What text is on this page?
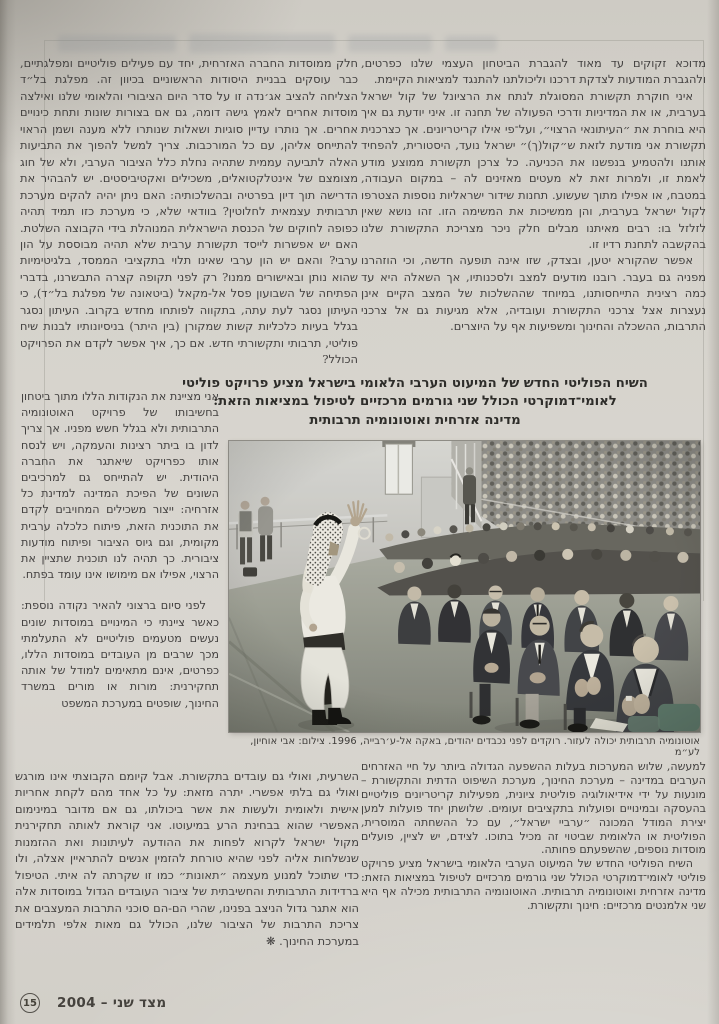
מדוכא זקוקים עד מאוד להגברת הביטחון העצמי שלנו כפרטים, ולהגברת המודעות לצדקת דרכנו וליכולתנו להתנגד למציאות הקיימת.

איני חוקרת תקשורת המסוגלת לנתח את הרציונל של קול ישראל בערבית, או את המדיניות ודרכי הפעולה של תחנה זו. איני יודעת גם איך היא בוחרת את ״העיתונאי הרצוי״, ועל־פי אילו קריטריונים. אך כצרכנית תקשורת אני מודעת לזאת ש״קול(ך)״ ישראל נועד, היסטורית, להפחיד אותנו ולהטמיע בנפשנו את הכניעה. כל צרכן תקשורת ממוצע מודע לאמת זו, ולמרות זאת לא מעטים מאזינים לה – במקום העבודה, במטבח, או אפילו מתוך שעשוע. תחנות שידור ישראליות נוספות הצטרפו לקול ישראל בערבית, והן ממשיכות את המשימה הזו. זהו נושא שאין לזלזל בו: רבים מאיתנו מבלים חלק ניכר מצריכת התקשורת שלנו בהקשבה לתחנת רדיו זו.

אפשר שהקורא יטען, ובצדק, שזו אינה תופעה חדשה, וכי הוזהרנו מפניה גם בעבר. רובנו מודעים למצב ולסכנותיו, אך השאלה היא עד כמה רצינית התייחסותנו, במיוחד שההשלכות של המצב הקיים אינן נעצרות אצל צרכני התקשורת ועובדיה, אלא מגיעות גם אל צרכני התרבות, ההשכלה והחינוך ומשפיעות אף על היוצרים.

חלק ממוסדות החברה האזרחית, יחד עם פעילים פוליטיים ומפלגתיים, כבר עוסקים בבניית היסודות הראשוניים בכיוון זה. מפלגת בל״ד הצליחה להציב אג׳נדה זו על סדר היום הציבורי והלאומי שלנו ואילצה מוסדות אחרים לאמץ גישה דומה, גם אם בצורות שונות ותחת כינויים אחרים. אך נותרו עדיין סוגיות ושאלות שנותרו ללא מענה ושמן הראוי להתייחס אליהן, עם כל המורכבות. צריך למשל להפוך את התביעות האלה לתביעה עממית שתהיה נחלת כלל הציבור הערבי, ולא של חוג מצומצם של אינטלקטואלים, משכילים ואקטיביסטים. יש להבהיר את הדרישה תוך דיון בפרטיה ובהשלכותיה: האם ניתן יהיה להקים מערכת תרבותית עצמאית לחלוטין? בוודאי שלא, כי מערכת כזו תמיד תהיה כפופה לחוקים של הכנסת הישראלית המנוהלת בידי הקבוצה השלטת. האם יש אפשרות לייסד תקשורת ערבית שלא תהיה מבוססת על הון ערבי? והאם יש הון ערבי שאינו תלוי בתקציבי הממסד, בלגיטימיות שהוא נותן ובאישורים ממנו? רק לפני תקופה קצרה התבשרנו, בדברי הפתיחה של השבועון פסל אל-מקאל (ביטאונה של מפלגת בל״ד), כי העיתון נסגר לעת עתה, בתקווה לפותחו מחדש בקרוב. העיתון נסגר בגלל בעיות כלכליות קשות שמקורן (בין היתר) בניסיונותיו לבנות שיח פוליטי, תרבותי ותקשורתי חדש. אם כך, איך אפשר לקדם את הפרויקט הכולל?

השיח הפוליטי החדש של המיעוט הערבי הלאומי בישראל מציע פרויקט פוליטי
לאומי־דמוקרטי הכולל שני גורמים מרכזיים לטיפול במציאות הזאת:
מדינה אזרחית ואוטונומיה תרבותית

אני מציינת את הנקודות הללו מתוך ביטחון בחשיבותו של פרויקט האוטונומיה התרבותית ולא בגלל חשש מפניו. אך צריך לדון בו ביתר רצינות והעמקה, ויש לנסח אותו כפרויקט שיאתגר את החברה היהודית. יש להתייחס גם למרכיבים השונים של הפיכת המדינה למדינת כל אזרחיה: ייצור משכילים המחויבים לקדם את התוכנית הזאת, פיתוח כלכלה ערבית מקומית, וגם גיוס הציבור ופיתוח מודעות ציבורית. כך תהיה לנו תוכנית שתציין את הרצוי, אפילו אם מימושו אינו עומד בפתח.

לפני סיום ברצוני להאיר נקודה נוספת: כאשר ציינתי כי המינויים במוסדות שונים נעשים מטעמים פוליטיים לא התעלמתי מכך שרבים מן העובדים במוסדות הללו, כפרטים, אינם מתאימים למודל של אותה תחקירנית: מורות או מורים במשרד החינוך, שופטים במערכת המשפט

אוטונומיה תרבותית יכולה לעזור. רוקדים לפני נכבדים יהודים, באקה אל-ע׳רבייה, 1996. צילום: אבי אוחיון, לע״מ

השרעית, ואולי גם עובדים בתקשורת. אבל קיומם הקבוצתי אינו מורגש ואולי גם בלתי אפשרי. יתרה מזאת: על כל אחד מהם לקחת אחריות אישית ולאומית ולעשות את אשר ביכולתו, גם אם מדובר במינימום האפשרי שהוא בבחינת הרע במיעוטו. אני קוראת לאותה תחקירנית מקול ישראל לקרוא לפחות את ההודעה לעיתונות ואת ההזמנות שנשלחות אליה לפני שהיא טורחת להזמין אנשים להתראיין אצלה, ולו כדי שתוכל למנוע מעצמה ״תאונות״ כמו זו שקרתה לה איתי. הטיפול ברדידות התרבותית והחשיבתית של ציבור העובדים הגדול במוסדות אלה הוא אתגר גדול הניצב בפנינו, שהרי הם-הם סוכני התרבות המעצבים את צריכת התרבות של הציבור שלנו, הכולל גם מאות אלפי תלמידים במערכת החינוך. ❋

למעשה, שלוש המערכות בעלות ההשפעה הגדולה ביותר על חיי האזרחים הערבים במדינה – מערכת החינוך, מערכת השיפוט הדתית והתקשורת – מונעות על ידי אידיאולוגיה פוליטית ציונית, מפעילות קריטריונים פוליטיים בהעסקה ובמינויים ופועלות בתקציבים זעומים. שלושתן יחד פועלות למען יצירת המודל המכונה ״ערביי ישראל״, עם כל ההשחתה המוסרית, הפוליטית או הלאומית שביטוי זה מכיל בתוכו. לצידם, יש לציין, פועלים מוסדות נוספים, שהשפעתם פחותה.

השיח הפוליטי החדש של המיעוט הערבי הלאומי בישראל מציע פרויקט פוליטי לאומי־דמוקרטי הכולל שני גורמים מרכזיים לטיפול במציאות הזאת: מדינה אזרחית ואוטונומיה תרבותית. האוטונומיה התרבותית מכילה אף היא שני אלמנטים מרכזיים: חינוך ותקשורת.

15 מצד שני – 2004
